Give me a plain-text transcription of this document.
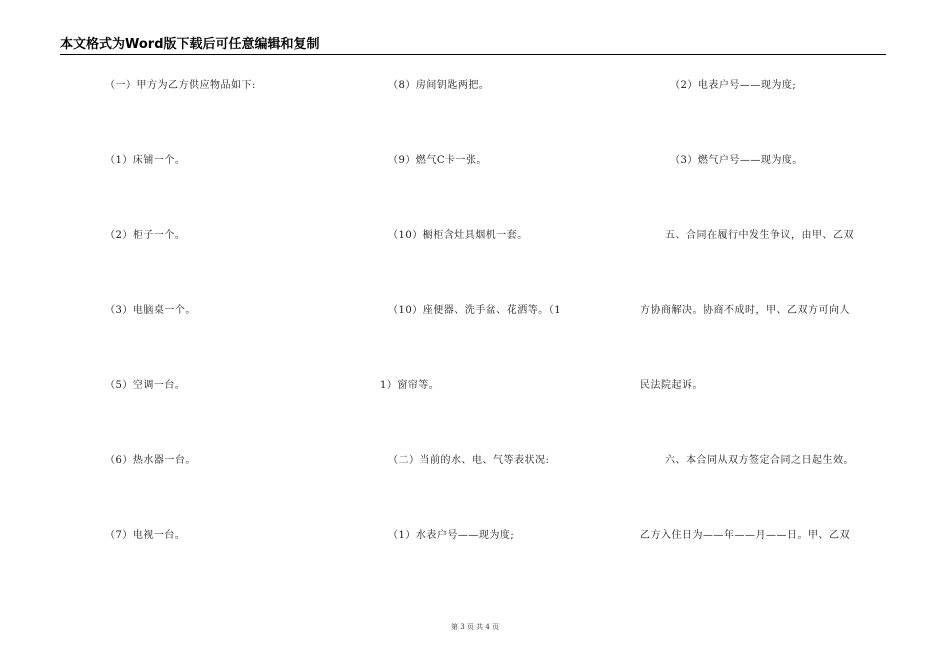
本文格式为Word版下载后可任意编辑和复制
（一）甲方为乙方供应物品如下:
（1）床铺一个。
（2）柜子一个。
（3）电脑桌一个。
（5）空调一台。
（6）热水器一台。
（7）电视一台。
（8）房间钥匙两把。
（9）燃气C卡一张。
（10）橱柜含灶具烟机一套。
（10）座便器、洗手盆、花洒等。（1
1）窗帘等。
（二）当前的水、电、气等表状况:
（1）水表户号——现为度;
（2）电表户号——现为度;
（3）燃气户号——现为度。
五、合同在履行中发生争议，由甲、乙双
方协商解决。协商不成时，甲、乙双方可向人
民法院起诉。
六、本合同从双方签定合同之日起生效。
乙方入住日为——年——月——日。甲、乙双
第 3 页 共 4 页
